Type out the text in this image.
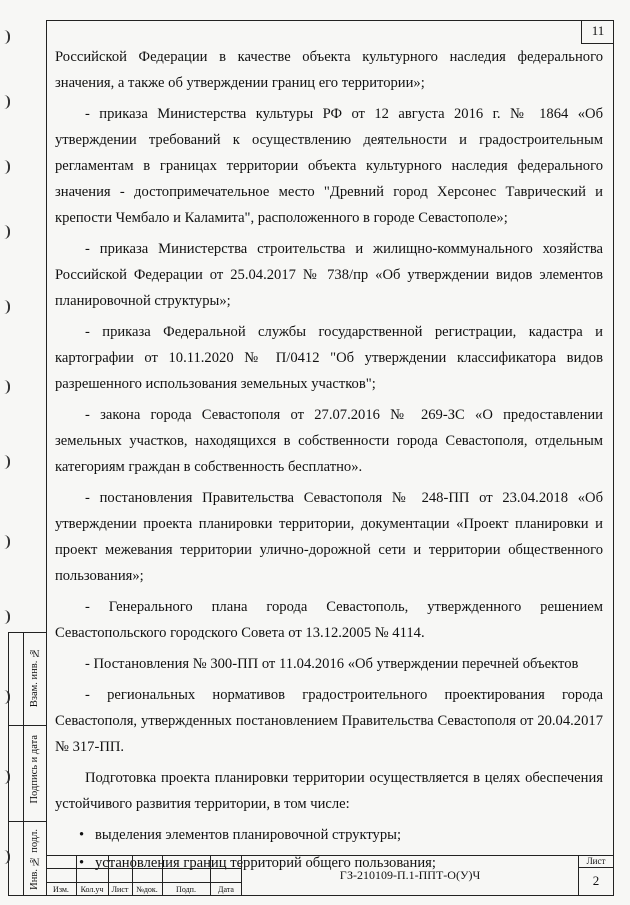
11

Российской Федерации в качестве объекта культурного наследия федерального значения, а также об утверждении границ его территории»;

- приказа Министерства культуры РФ от 12 августа 2016 г. № 1864 «Об утверждении требований к осуществлению деятельности и градостроительным регламентам в границах территории объекта культурного наследия федерального значения - достопримечательное место "Древний город Херсонес Таврический и крепости Чембало и Каламита", расположенного в городе Севастополе»;

- приказа Министерства строительства и жилищно-коммунального хозяйства Российской Федерации от 25.04.2017 № 738/пр «Об утверждении видов элементов планировочной структуры»;

- приказа Федеральной службы государственной регистрации, кадастра и картографии от 10.11.2020 № П/0412 "Об утверждении классификатора видов разрешенного использования земельных участков";

- закона города Севастополя от 27.07.2016 № 269-ЗС «О предоставлении земельных участков, находящихся в собственности города Севастополя, отдельным категориям граждан в собственность бесплатно».

- постановления Правительства Севастополя № 248-ПП от 23.04.2018 «Об утверждении проекта планировки территории, документации «Проект планировки и проект межевания территории улично-дорожной сети и территории общественного пользования»;

- Генерального плана города Севастополь, утвержденного решением Севастопольского городского Совета от 13.12.2005 № 4114.

- Постановления № 300-ПП от 11.04.2016 «Об утверждении перечней объектов

- региональных нормативов градостроительного проектирования города Севастополя, утвержденных постановлением Правительства Севастополя от 20.04.2017 № 317-ПП.

Подготовка проекта планировки территории осуществляется в целях обеспечения устойчивого развития территории, в том числе:

• выделения элементов планировочной структуры;
• установления границ территорий общего пользования;
Взам. инв. №
Подпись и дата
Инв. № подл.	Изм.	Кол.уч	Лист №док.	Подп.	Дата
ГЗ-210109-П.1-ППТ-О(У)Ч
Лист
2
